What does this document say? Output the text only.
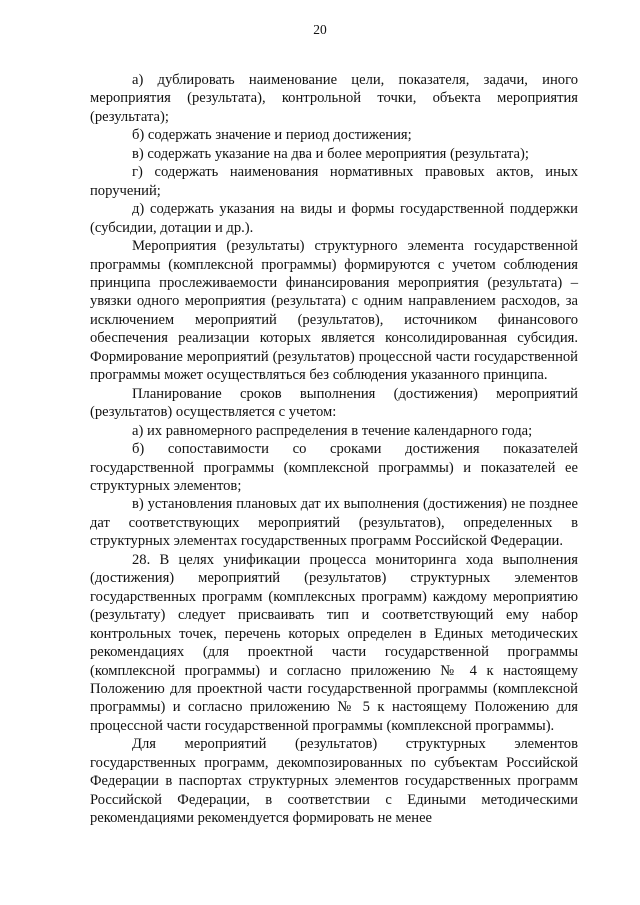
20

а) дублировать наименование цели, показателя, задачи, иного мероприятия (результата), контрольной точки, объекта мероприятия (результата);

б) содержать значение и период достижения;

в) содержать указание на два и более мероприятия (результата);

г) содержать наименования нормативных правовых актов, иных поручений;

д) содержать указания на виды и формы государственной поддержки (субсидии, дотации и др.).

Мероприятия (результаты) структурного элемента государственной программы (комплексной программы) формируются с учетом соблюдения принципа прослеживаемости финансирования мероприятия (результата) – увязки одного мероприятия (результата) с одним направлением расходов, за исключением мероприятий (результатов), источником финансового обеспечения реализации которых является консолидированная субсидия. Формирование мероприятий (результатов) процессной части государственной программы может осуществляться без соблюдения указанного принципа.

Планирование сроков выполнения (достижения) мероприятий (результатов) осуществляется с учетом:

а) их равномерного распределения в течение календарного года;

б) сопоставимости со сроками достижения показателей государственной программы (комплексной программы) и показателей ее структурных элементов;

в) установления плановых дат их выполнения (достижения) не позднее дат соответствующих мероприятий (результатов), определенных в структурных элементах государственных программ Российской Федерации.

28. В целях унификации процесса мониторинга хода выполнения (достижения) мероприятий (результатов) структурных элементов государственных программ (комплексных программ) каждому мероприятию (результату) следует присваивать тип и соответствующий ему набор контрольных точек, перечень которых определен в Единых методических рекомендациях (для проектной части государственной программы (комплексной программы) и согласно приложению № 4 к настоящему Положению для проектной части государственной программы (комплексной программы) и согласно приложению № 5 к настоящему Положению для процессной части государственной программы (комплексной программы).

Для мероприятий (результатов) структурных элементов государственных программ, декомпозированных по субъектам Российской Федерации в паспортах структурных элементов государственных программ Российской Федерации, в соответствии с Едиными методическими рекомендациями рекомендуется формировать не менее
